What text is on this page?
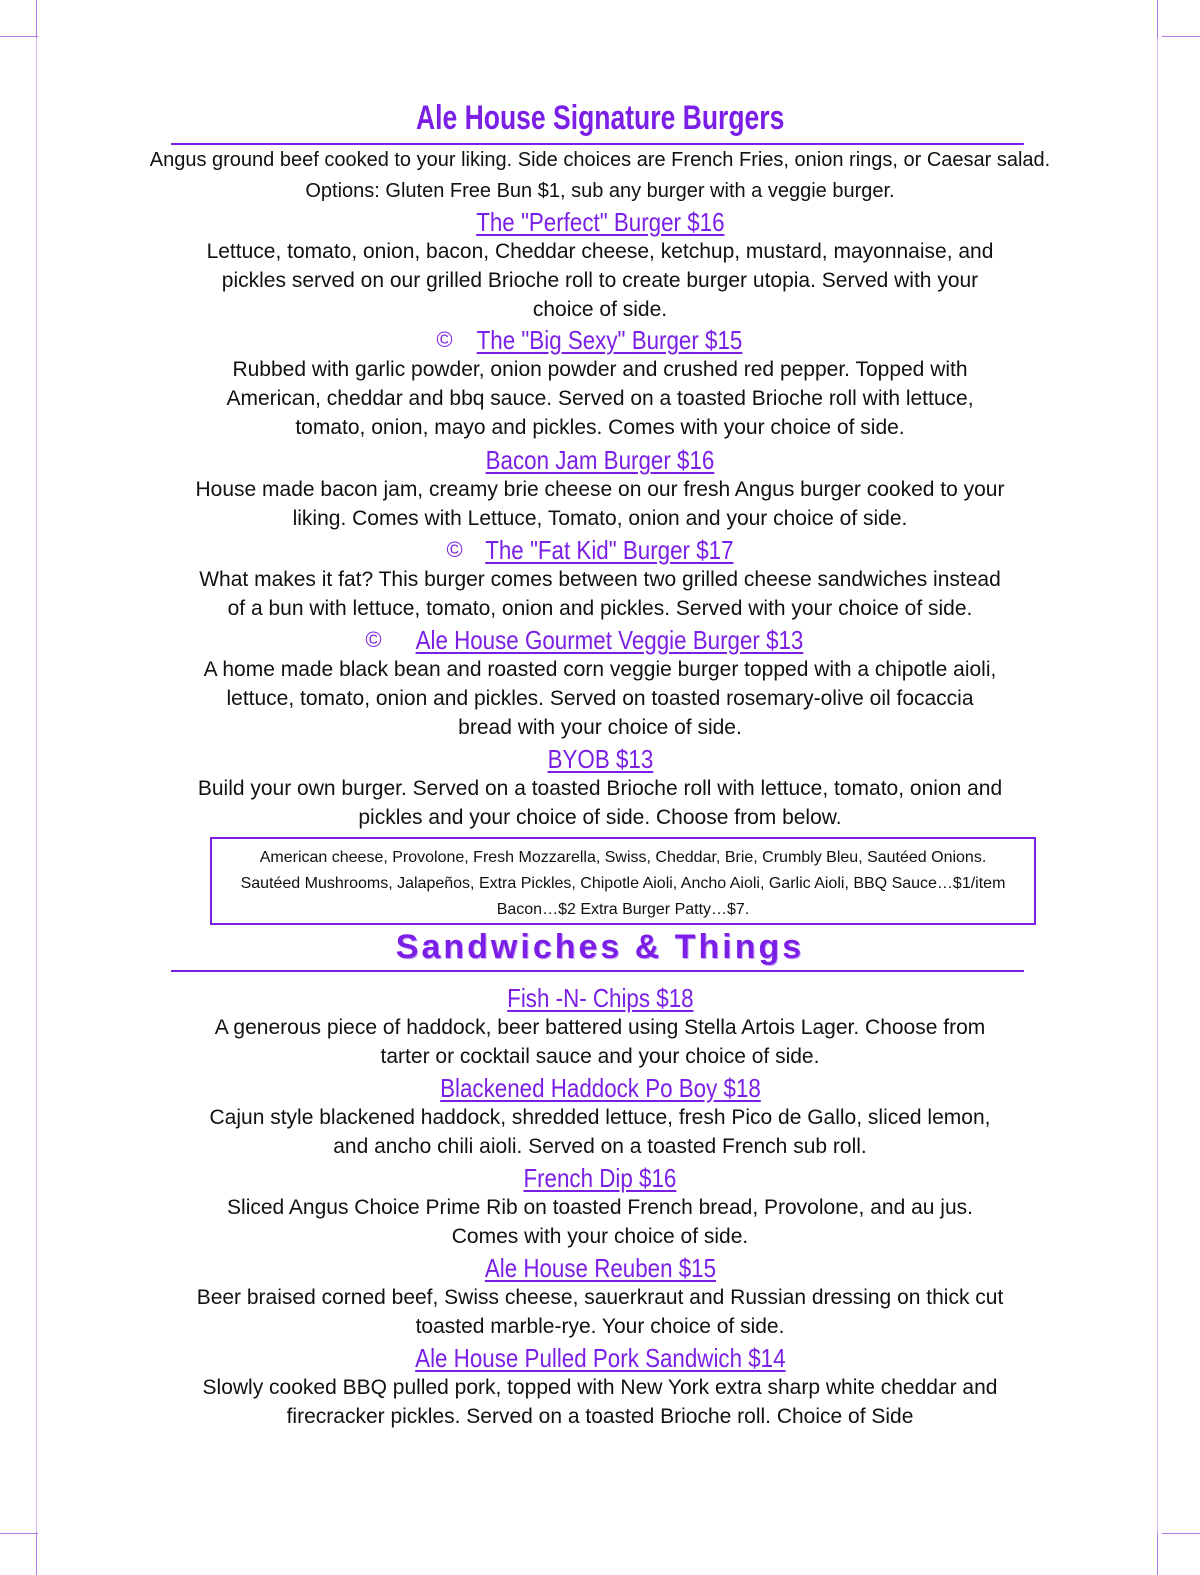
Ale House Signature Burgers

Angus ground beef cooked to your liking. Side choices are French Fries, onion rings, or Caesar salad.
Options: Gluten Free Bun $1, sub any burger with a veggie burger.

The "Perfect" Burger $16

Lettuce, tomato, onion, bacon, Cheddar cheese, ketchup, mustard, mayonnaise, and
pickles served on our grilled Brioche roll to create burger utopia. Served with your
choice of side.

© The "Big Sexy" Burger $15

Rubbed with garlic powder, onion powder and crushed red pepper. Topped with
American, cheddar and bbq sauce. Served on a toasted Brioche roll with lettuce,
tomato, onion, mayo and pickles. Comes with your choice of side.

Bacon Jam Burger $16

House made bacon jam, creamy brie cheese on our fresh Angus burger cooked to your
liking. Comes with Lettuce, Tomato, onion and your choice of side.

© The "Fat Kid" Burger $17

What makes it fat? This burger comes between two grilled cheese sandwiches instead
of a bun with lettuce, tomato, onion and pickles. Served with your choice of side.

© Ale House Gourmet Veggie Burger $13

A home made black bean and roasted corn veggie burger topped with a chipotle aioli,
lettuce, tomato, onion and pickles. Served on toasted rosemary-olive oil focaccia
bread with your choice of side.

BYOB $13

Build your own burger. Served on a toasted Brioche roll with lettuce, tomato, onion and
pickles and your choice of side. Choose from below.

American cheese, Provolone, Fresh Mozzarella, Swiss, Cheddar, Brie, Crumbly Bleu, Sautéed Onions.
Sautéed Mushrooms, Jalapeños, Extra Pickles, Chipotle Aioli, Ancho Aioli, Garlic Aioli, BBQ Sauce…$1/item
Bacon…$2 Extra Burger Patty…$7.
Sandwiches & Things

Fish -N- Chips $18

A generous piece of haddock, beer battered using Stella Artois Lager. Choose from
tarter or cocktail sauce and your choice of side.

Blackened Haddock Po Boy $18

Cajun style blackened haddock, shredded lettuce, fresh Pico de Gallo, sliced lemon,
and ancho chili aioli. Served on a toasted French sub roll.

French Dip $16

Sliced Angus Choice Prime Rib on toasted French bread, Provolone, and au jus.
Comes with your choice of side.

Ale House Reuben $15

Beer braised corned beef, Swiss cheese, sauerkraut and Russian dressing on thick cut
toasted marble-rye. Your choice of side.

Ale House Pulled Pork Sandwich $14

Slowly cooked BBQ pulled pork, topped with New York extra sharp white cheddar and
firecracker pickles. Served on a toasted Brioche roll. Choice of Side
